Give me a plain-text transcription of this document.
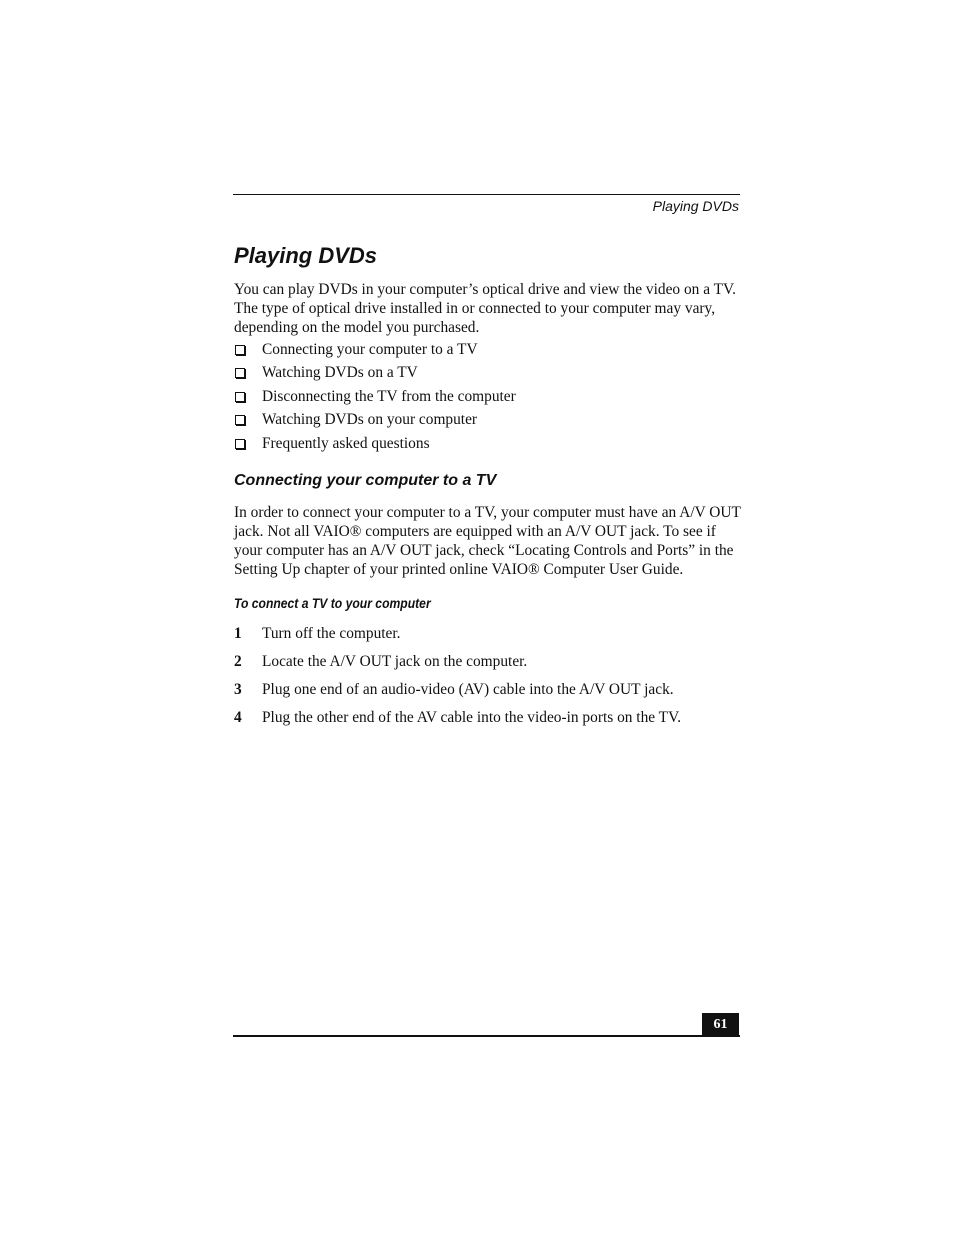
Playing DVDs
Playing DVDs

You can play DVDs in your computer’s optical drive and view the video on a TV. The type of optical drive installed in or connected to your computer may vary, depending on the model you purchased.

Connecting your computer to a TV
Watching DVDs on a TV
Disconnecting the TV from the computer
Watching DVDs on your computer
Frequently asked questions
Connecting your computer to a TV

In order to connect your computer to a TV, your computer must have an A/V OUT jack. Not all VAIO® computers are equipped with an A/V OUT jack. To see if your computer has an A/V OUT jack, check “Locating Controls and Ports” in the Setting Up chapter of your printed online VAIO® Computer User Guide.

To connect a TV to your computer
1 Turn off the computer.
2 Locate the A/V OUT jack on the computer.
3 Plug one end of an audio-video (AV) cable into the A/V OUT jack.
4 Plug the other end of the AV cable into the video-in ports on the TV.
61
